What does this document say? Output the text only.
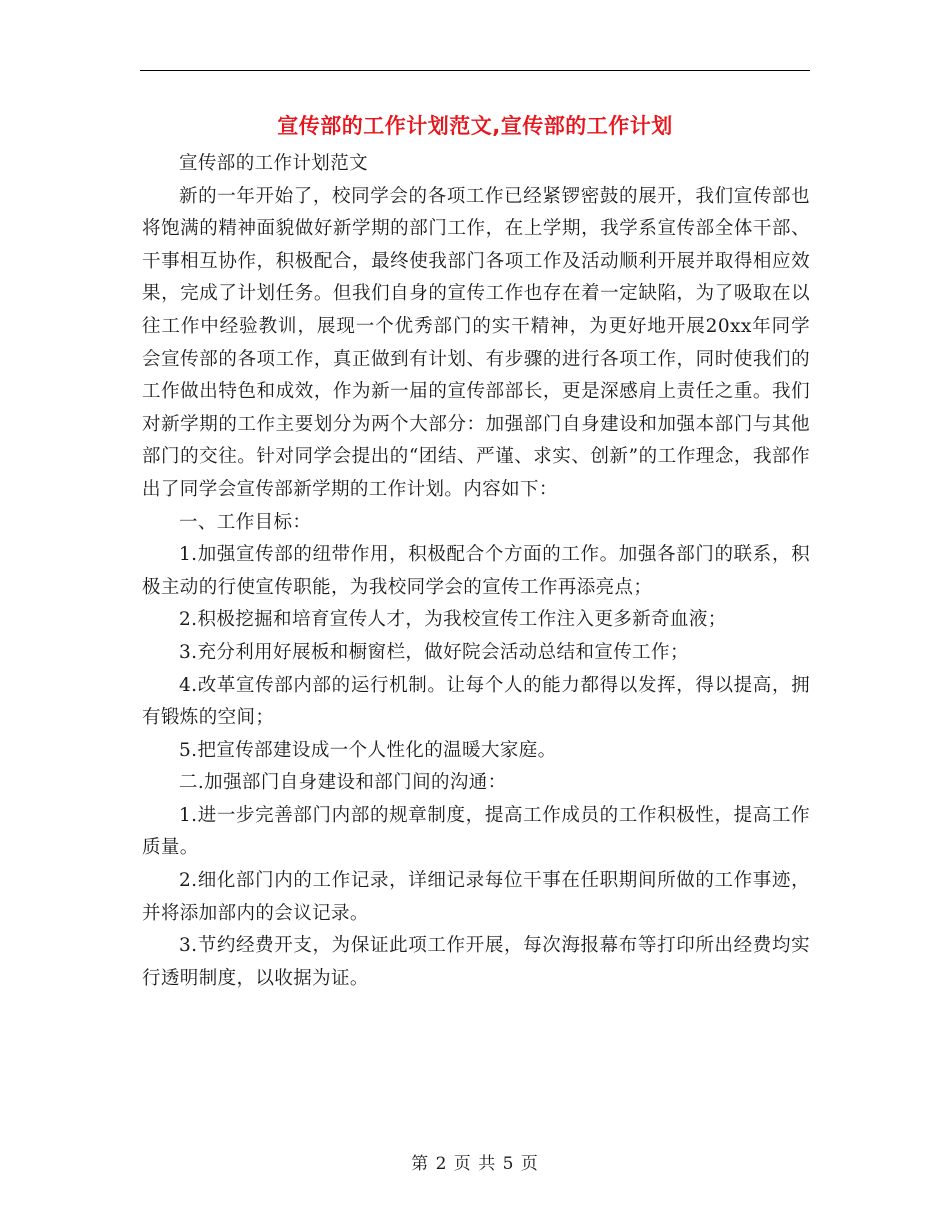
宣传部的工作计划范文,宣传部的工作计划

宣传部的工作计划范文

新的一年开始了，校同学会的各项工作已经紧锣密鼓的展开，我们宣传部也将饱满的精神面貌做好新学期的部门工作，在上学期，我学系宣传部全体干部、干事相互协作，积极配合，最终使我部门各项工作及活动顺利开展并取得相应效果，完成了计划任务。但我们自身的宣传工作也存在着一定缺陷，为了吸取在以往工作中经验教训，展现一个优秀部门的实干精神，为更好地开展20xx年同学会宣传部的各项工作，真正做到有计划、有步骤的进行各项工作，同时使我们的工作做出特色和成效，作为新一届的宣传部部长，更是深感肩上责任之重。我们对新学期的工作主要划分为两个大部分：加强部门自身建设和加强本部门与其他部门的交往。针对同学会提出的“团结、严谨、求实、创新”的工作理念，我部作出了同学会宣传部新学期的工作计划。内容如下：

一、工作目标：

1.加强宣传部的纽带作用，积极配合个方面的工作。加强各部门的联系，积极主动的行使宣传职能，为我校同学会的宣传工作再添亮点；

2.积极挖掘和培育宣传人才，为我校宣传工作注入更多新奇血液；

3.充分利用好展板和橱窗栏，做好院会活动总结和宣传工作；

4.改革宣传部内部的运行机制。让每个人的能力都得以发挥，得以提高，拥有锻炼的空间；

5.把宣传部建设成一个人性化的温暖大家庭。

二.加强部门自身建设和部门间的沟通：

1.进一步完善部门内部的规章制度，提高工作成员的工作积极性，提高工作质量。

2.细化部门内的工作记录，详细记录每位干事在任职期间所做的工作事迹，并将添加部内的会议记录。

3.节约经费开支，为保证此项工作开展，每次海报幕布等打印所出经费均实行透明制度，以收据为证。

第 2 页 共 5 页
